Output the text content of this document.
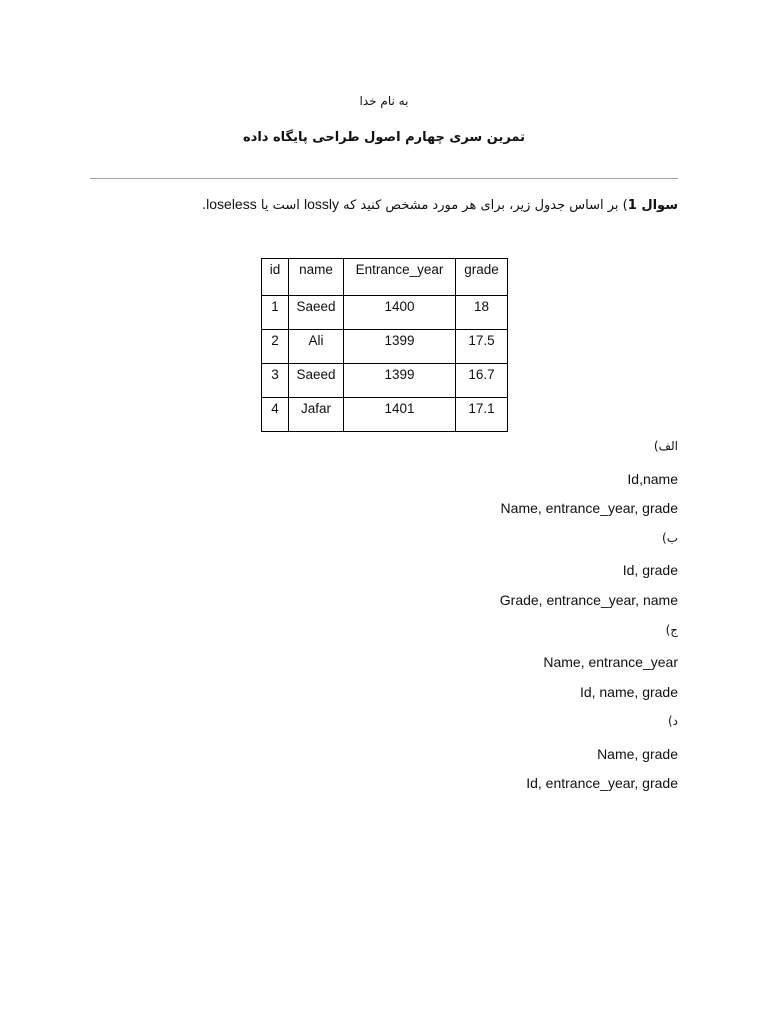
به نام خدا
تمرین سری چهارم اصول طراحی پایگاه داده
سوال 1) بر اساس جدول زیر، برای هر مورد مشخص کنید که lossly است یا loseless.
id	name	Entrance_year	grade
1	Saeed	1400	18
2	Ali	1399	17.5
3	Saeed	1399	16.7
4	Jafar	1401	17.1
الف)
Id,name
Name, entrance_year, grade
ب)
Id, grade
Grade, entrance_year, name
ج)
Name, entrance_year
Id, name, grade
د)
Name, grade
Id, entrance_year, grade
